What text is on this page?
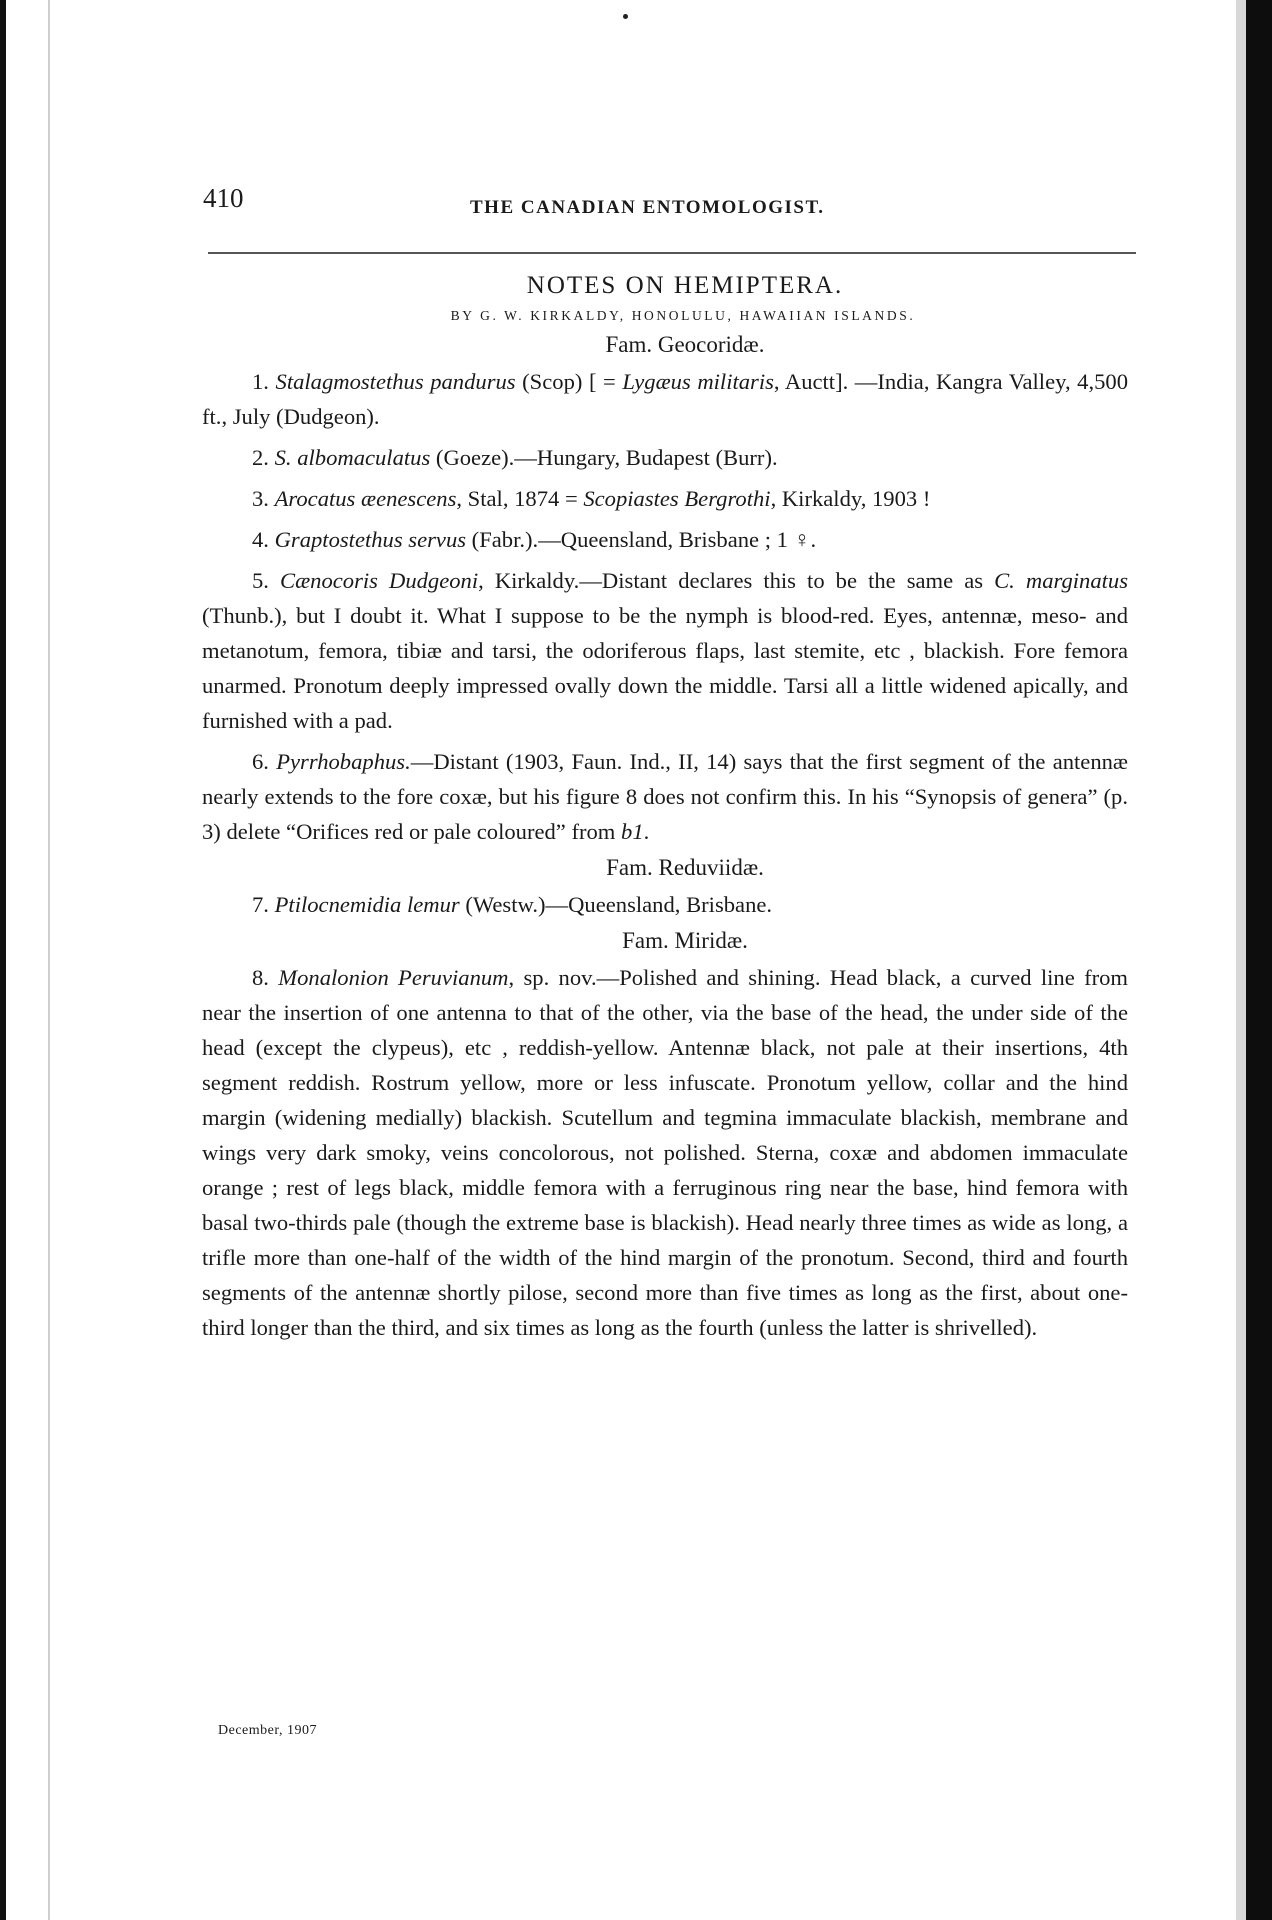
410	THE CANADIAN ENTOMOLOGIST.

NOTES ON HEMIPTERA.

BY G. W. KIRKALDY, HONOLULU, HAWAIIAN ISLANDS.

Fam. Geocoridæ.

1. Stalagmostethus pandurus (Scop) [ = Lygæus militaris, Auctt]. —India, Kangra Valley, 4,500 ft., July (Dudgeon).

2. S. albomaculatus (Goeze).—Hungary, Budapest (Burr).

3. Arocatus æenescens, Stal, 1874 = Scopiastes Bergrothi, Kirkaldy, 1903 !

4. Graptostethus servus (Fabr.).—Queensland, Brisbane ; 1 ♀.

5. Cænocoris Dudgeoni, Kirkaldy.—Distant declares this to be the same as C. marginatus (Thunb.), but I doubt it. What I suppose to be the nymph is blood-red. Eyes, antennæ, meso- and metanotum, femora, tibiæ and tarsi, the odoriferous flaps, last stemite, etc , blackish. Fore femora unarmed. Pronotum deeply impressed ovally down the middle. Tarsi all a little widened apically, and furnished with a pad.

6. Pyrrhobaphus.—Distant (1903, Faun. Ind., II, 14) says that the first segment of the antennæ nearly extends to the fore coxæ, but his figure 8 does not confirm this. In his “Synopsis of genera” (p. 3) delete “Orifices red or pale coloured” from b1.

Fam. Reduviidæ.

7. Ptilocnemidia lemur (Westw.)—Queensland, Brisbane.

Fam. Miridæ.

8. Monalonion Peruvianum, sp. nov.—Polished and shining. Head black, a curved line from near the insertion of one antenna to that of the other, via the base of the head, the under side of the head (except the clypeus), etc , reddish-yellow. Antennæ black, not pale at their insertions, 4th segment reddish. Rostrum yellow, more or less infuscate. Pronotum yellow, collar and the hind margin (widening medially) blackish. Scutellum and tegmina immaculate blackish, membrane and wings very dark smoky, veins concolorous, not polished. Sterna, coxæ and abdomen immaculate orange ; rest of legs black, middle femora with a ferruginous ring near the base, hind femora with basal two-thirds pale (though the extreme base is blackish). Head nearly three times as wide as long, a trifle more than one-half of the width of the hind margin of the pronotum. Second, third and fourth segments of the antennæ shortly pilose, second more than five times as long as the first, about one-third longer than the third, and six times as long as the fourth (unless the latter is shrivelled).

December, 1907
